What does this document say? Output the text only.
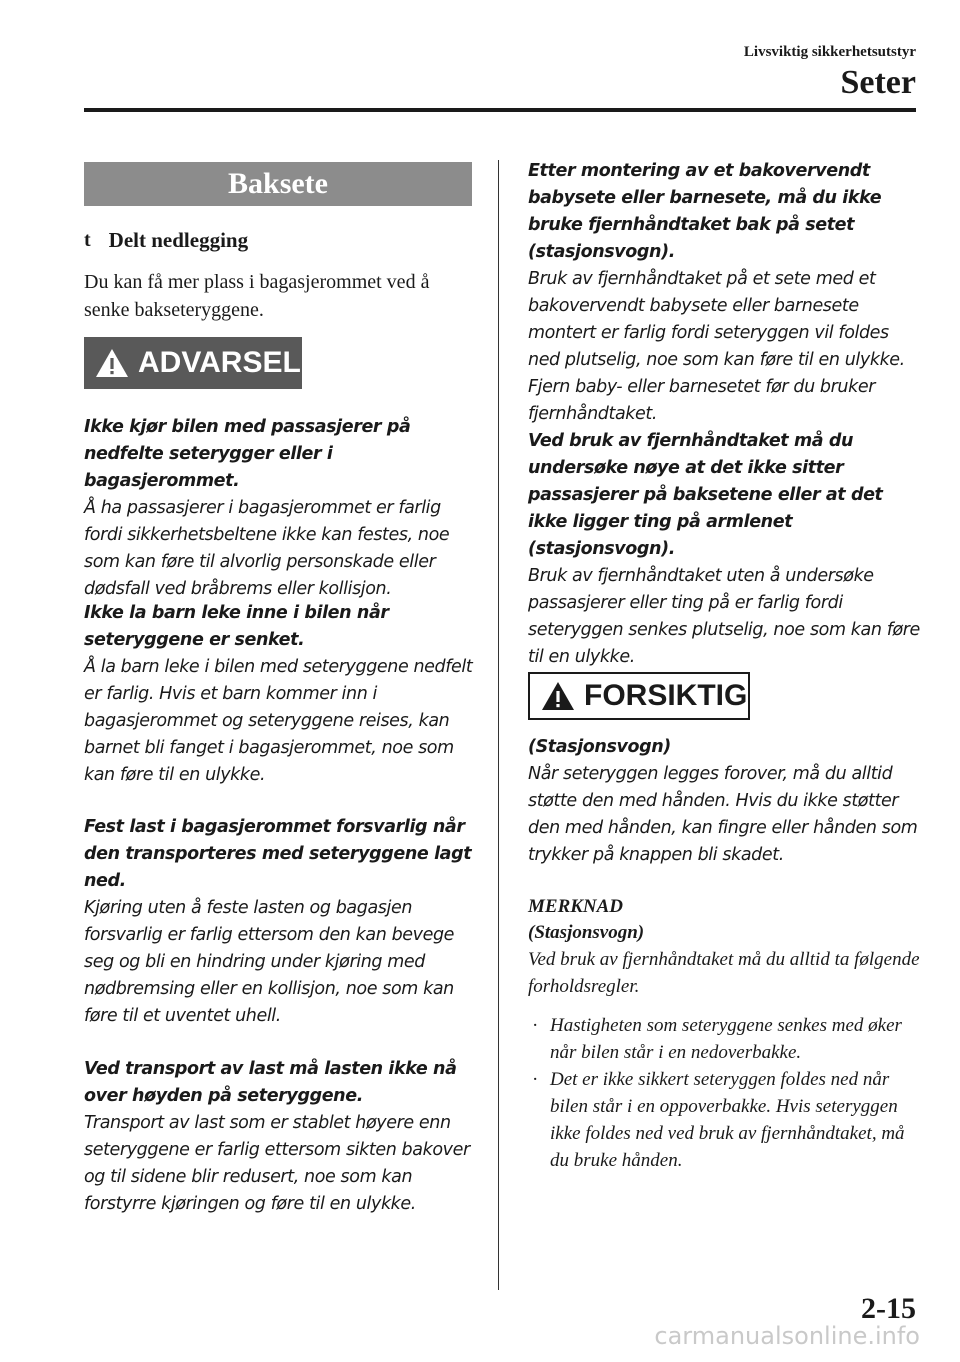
Livsviktig sikkerhetsutstyr
Seter
Baksete
t Delt nedlegging
Du kan få mer plass i bagasjerommet ved å senke bakseteryggene.
ADVARSEL
Ikke kjør bilen med passasjerer på nedfelte seterygger eller i bagasjerommet.
Å ha passasjerer i bagasjerommet er farlig fordi sikkerhetsbeltene ikke kan festes, noe som kan føre til alvorlig personskade eller dødsfall ved bråbrems eller kollisjon.
Ikke la barn leke inne i bilen når seteryggene er senket.
Å la barn leke i bilen med seteryggene nedfelt er farlig. Hvis et barn kommer inn i bagasjerommet og seteryggene reises, kan barnet bli fanget i bagasjerommet, noe som kan føre til en ulykke.
Fest last i bagasjerommet forsvarlig når den transporteres med seteryggene lagt ned.
Kjøring uten å feste lasten og bagasjen forsvarlig er farlig ettersom den kan bevege seg og bli en hindring under kjøring med nødbremsing eller en kollisjon, noe som kan føre til et uventet uhell.
Ved transport av last må lasten ikke nå over høyden på seteryggene.
Transport av last som er stablet høyere enn seteryggene er farlig ettersom sikten bakover og til sidene blir redusert, noe som kan forstyrre kjøringen og føre til en ulykke.
Etter montering av et bakovervendt babysete eller barnesete, må du ikke bruke fjernhåndtaket bak på setet (stasjonsvogn).
Bruk av fjernhåndtaket på et sete med et bakovervendt babysete eller barnesete montert er farlig fordi seteryggen vil foldes ned plutselig, noe som kan føre til en ulykke. Fjern baby- eller barnesetet før du bruker fjernhåndtaket.
Ved bruk av fjernhåndtaket må du undersøke nøye at det ikke sitter passasjerer på baksetene eller at det ikke ligger ting på armlenet (stasjonsvogn).
Bruk av fjernhåndtaket uten å undersøke passasjerer eller ting på er farlig fordi seteryggen senkes plutselig, noe som kan føre til en ulykke.
FORSIKTIG
(Stasjonsvogn)
Når seteryggen legges forover, må du alltid støtte den med hånden. Hvis du ikke støtter den med hånden, kan fingre eller hånden som trykker på knappen bli skadet.
MERKNAD
(Stasjonsvogn)
Ved bruk av fjernhåndtaket må du alltid ta følgende forholdsregler.
· Hastigheten som seteryggene senkes med øker når bilen står i en nedoverbakke.
· Det er ikke sikkert seteryggen foldes ned når bilen står i en oppoverbakke. Hvis seteryggen ikke foldes ned ved bruk av fjernhåndtaket, må du bruke hånden.
2-15
carmanualsonline.info
